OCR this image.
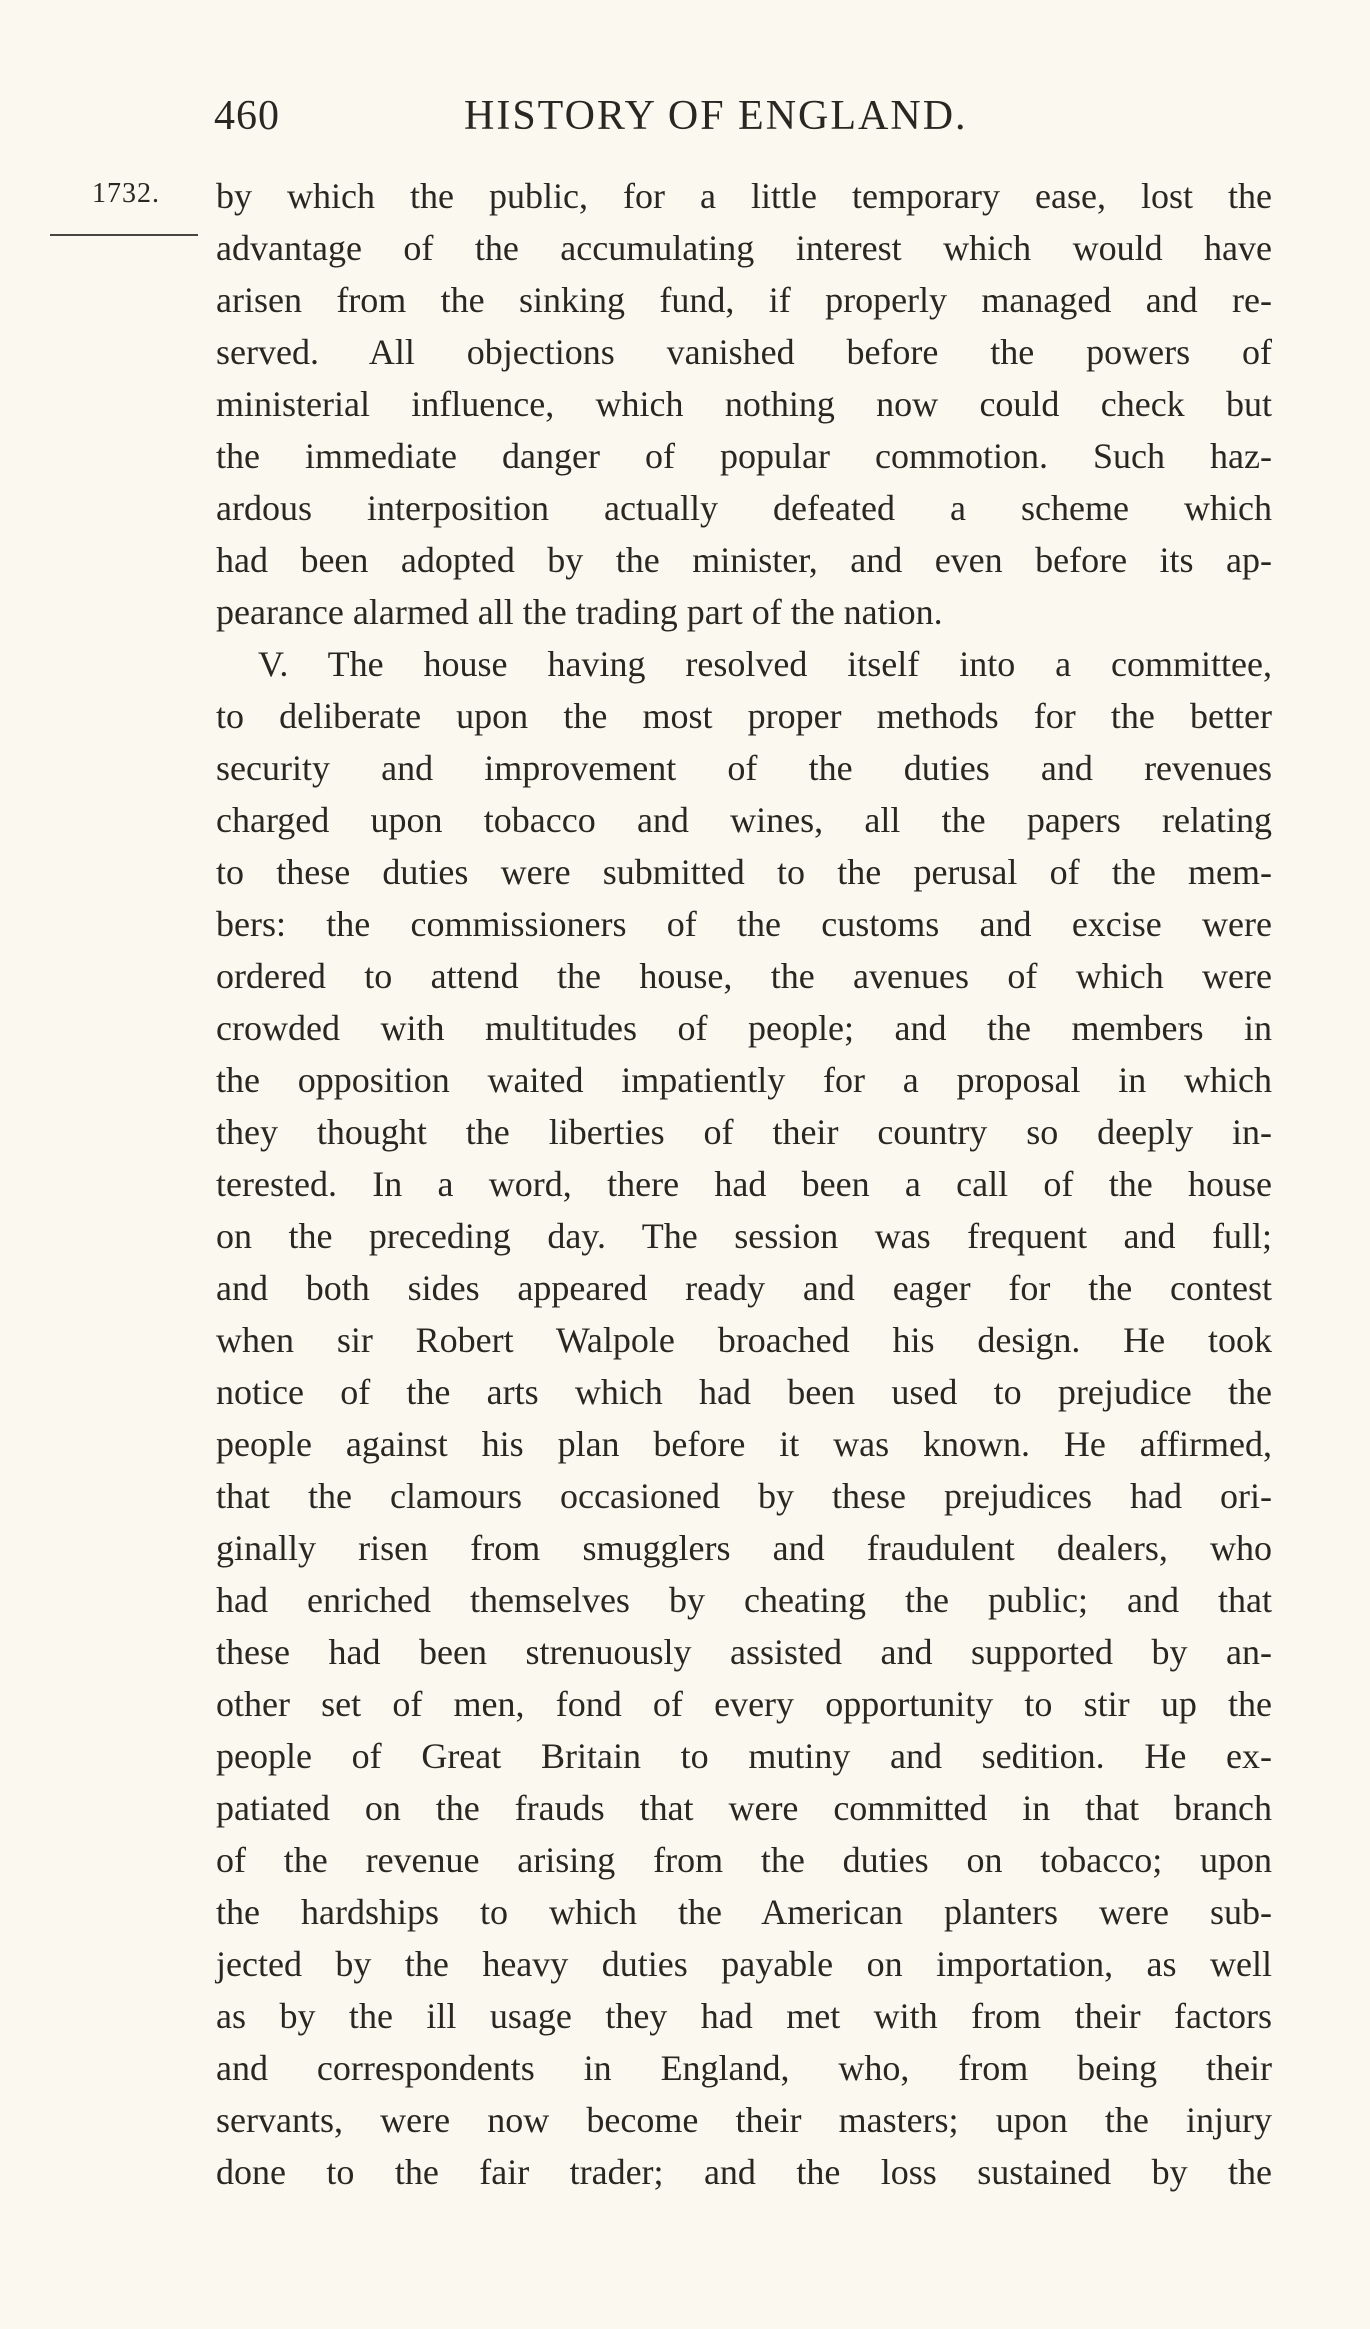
460	HISTORY OF ENGLAND.
1732. by which the public, for a little temporary ease, lost the
advantage of the accumulating interest which would have
arisen from the sinking fund, if properly managed and re-
served. All objections vanished before the powers of
ministerial influence, which nothing now could check but
the immediate danger of popular commotion. Such haz-
ardous interposition actually defeated a scheme which
had been adopted by the minister, and even before its ap-
pearance alarmed all the trading part of the nation.
V. The house having resolved itself into a committee,
to deliberate upon the most proper methods for the better
security and improvement of the duties and revenues
charged upon tobacco and wines, all the papers relating
to these duties were submitted to the perusal of the mem-
bers: the commissioners of the customs and excise were
ordered to attend the house, the avenues of which were
crowded with multitudes of people; and the members in
the opposition waited impatiently for a proposal in which
they thought the liberties of their country so deeply in-
terested. In a word, there had been a call of the house
on the preceding day. The session was frequent and full;
and both sides appeared ready and eager for the contest
when sir Robert Walpole broached his design. He took
notice of the arts which had been used to prejudice the
people against his plan before it was known. He affirmed,
that the clamours occasioned by these prejudices had ori-
ginally risen from smugglers and fraudulent dealers, who
had enriched themselves by cheating the public; and that
these had been strenuously assisted and supported by an-
other set of men, fond of every opportunity to stir up the
people of Great Britain to mutiny and sedition. He ex-
patiated on the frauds that were committed in that branch
of the revenue arising from the duties on tobacco; upon
the hardships to which the American planters were sub-
jected by the heavy duties payable on importation, as well
as by the ill usage they had met with from their factors
and correspondents in England, who, from being their
servants, were now become their masters; upon the injury
done to the fair trader; and the loss sustained by the
